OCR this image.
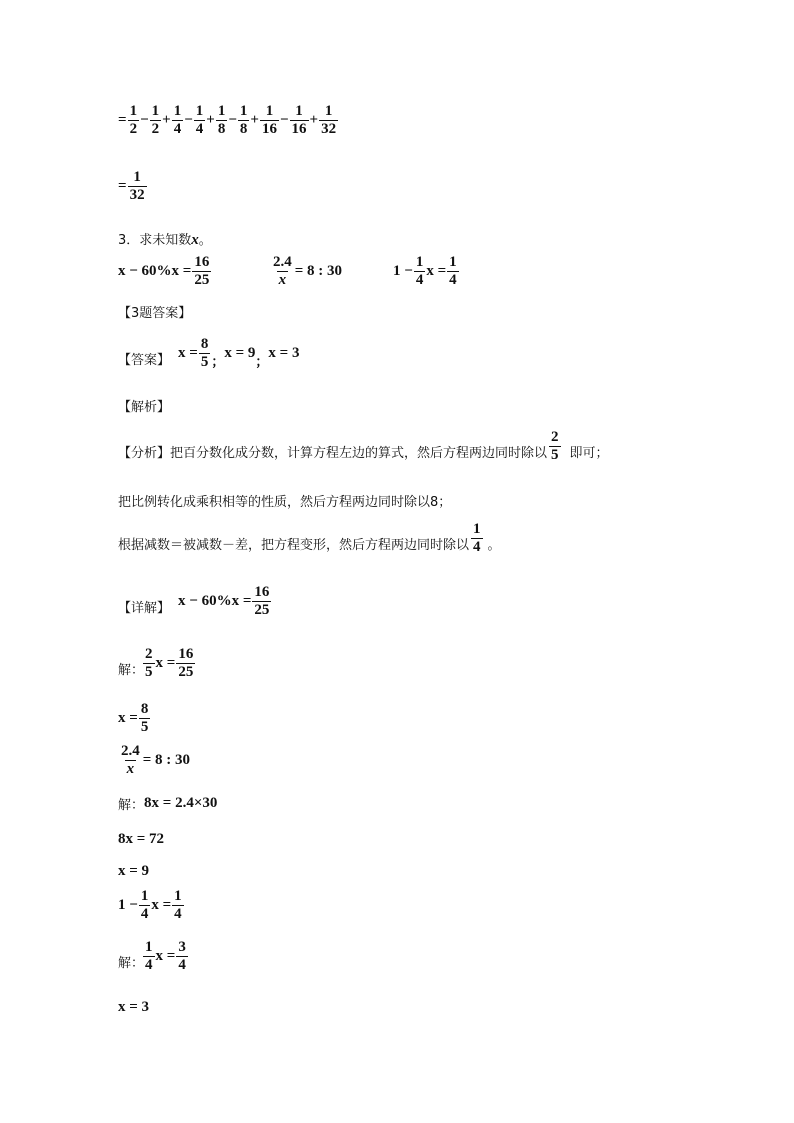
= $\frac{1}{2} - \frac{1}{2} + \frac{1}{4} - \frac{1}{4} + \frac{1}{8} - \frac{1}{8} + \frac{1}{16} - \frac{1}{16} + \frac{1}{32}$
= $\frac{1}{32}$
3．求未知数x。
$x - 60\%x = \frac{16}{25}$	$\frac{2.4}{x} = 8$ : 30	$1 - \frac{1}{4}$ $x = \frac{1}{4}$
【3题答案】
【答案】 $x = \frac{8}{5}$ ；
x = 9
；
x = 3
【解析】
【分析】把百分数化成分数，计算方程左边的算式，然后方程两边同时除以 $\frac{2}{5}$ 即可；
把比例转化成乘积相等的性质，然后方程两边同时除以8；
根据减数＝被减数－差，把方程变形，然后方程两边同时除以 $\frac{1}{4}$ 。
【详解】 $x - 60\%x = \frac{16}{25}$
解： $\frac{2}{5}$ $x = \frac{16}{25}$
$x = \frac{8}{5}$
$\frac{2.4}{x} = 8$ : 30
解： 8x = 2.4×30
8x = 72
x = 9
$1 - \frac{1}{4}$ $x = \frac{1}{4}$
解： $\frac{1}{4}$ $x = \frac{3}{4}$
x = 3
